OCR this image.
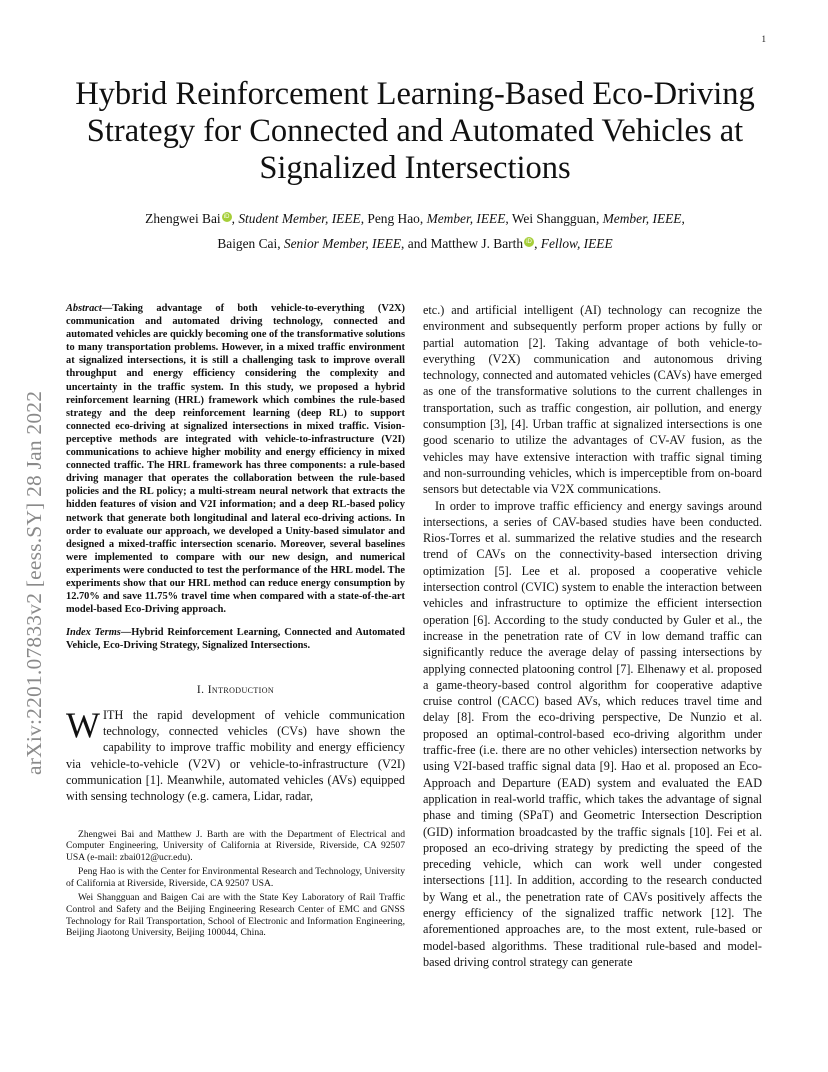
1
arXiv:2201.07833v2 [eess.SY] 28 Jan 2022
Hybrid Reinforcement Learning-Based Eco-Driving
Strategy for Connected and Automated Vehicles at
Signalized Intersections
Zhengwei Bai iD , Student Member, IEEE, Peng Hao, Member, IEEE, Wei Shangguan, Member, IEEE,
Baigen Cai, Senior Member, IEEE, and Matthew J. Barth iD , Fellow, IEEE

Abstract—Taking advantage of both vehicle-to-everything (V2X) communication and automated driving technology, connected and automated vehicles are quickly becoming one of the transformative solutions to many transportation problems. However, in a mixed traffic environment at signalized intersections, it is still a challenging task to improve overall throughput and energy efficiency considering the complexity and uncertainty in the traffic system. In this study, we proposed a hybrid reinforcement learning (HRL) framework which combines the rule-based strategy and the deep reinforcement learning (deep RL) to support connected eco-driving at signalized intersections in mixed traffic. Vision-perceptive methods are integrated with vehicle-to-infrastructure (V2I) communications to achieve higher mobility and energy efficiency in mixed connected traffic. The HRL framework has three components: a rule-based driving manager that operates the collaboration between the rule-based policies and the RL policy; a multi-stream neural network that extracts the hidden features of vision and V2I information; and a deep RL-based policy network that generate both longitudinal and lateral eco-driving actions. In order to evaluate our approach, we developed a Unity-based simulator and designed a mixed-traffic intersection scenario. Moreover, several baselines were implemented to compare with our new design, and numerical experiments were conducted to test the performance of the HRL model. The experiments show that our HRL method can reduce energy consumption by 12.70% and save 11.75% travel time when compared with a state-of-the-art model-based Eco-Driving approach.

Index Terms—Hybrid Reinforcement Learning, Connected and Automated Vehicle, Eco-Driving Strategy, Signalized Intersections.

I. Introduction

WITH the rapid development of vehicle communication technology, connected vehicles (CVs) have shown the capability to improve traffic mobility and energy efficiency via vehicle-to-vehicle (V2V) or vehicle-to-infrastructure (V2I) communication [1]. Meanwhile, automated vehicles (AVs) equipped with sensing technology (e.g. camera, Lidar, radar,

Zhengwei Bai and Matthew J. Barth are with the Department of Electrical and Computer Engineering, University of California at Riverside, Riverside, CA 92507 USA (e-mail: zbai012@ucr.edu).

Peng Hao is with the Center for Environmental Research and Technology, University of California at Riverside, Riverside, CA 92507 USA.

Wei Shangguan and Baigen Cai are with the State Key Laboratory of Rail Traffic Control and Safety and the Beijing Engineering Research Center of EMC and GNSS Technology for Rail Transportation, School of Electronic and Information Engineering, Beijing Jiaotong University, Beijing 100044, China.

etc.) and artificial intelligent (AI) technology can recognize the environment and subsequently perform proper actions by fully or partial automation [2]. Taking advantage of both vehicle-to-everything (V2X) communication and autonomous driving technology, connected and automated vehicles (CAVs) have emerged as one of the transformative solutions to the current challenges in transportation, such as traffic congestion, air pollution, and energy consumption [3], [4]. Urban traffic at signalized intersections is one good scenario to utilize the advantages of CV-AV fusion, as the vehicles may have extensive interaction with traffic signal timing and non-surrounding vehicles, which is imperceptible from on-board sensors but detectable via V2X communications.

In order to improve traffic efficiency and energy savings around intersections, a series of CAV-based studies have been conducted. Rios-Torres et al. summarized the relative studies and the research trend of CAVs on the connectivity-based intersection driving optimization [5]. Lee et al. proposed a cooperative vehicle intersection control (CVIC) system to enable the interaction between vehicles and infrastructure to optimize the efficient intersection operation [6]. According to the study conducted by Guler et al., the increase in the penetration rate of CV in low demand traffic can significantly reduce the average delay of passing intersections by applying connected platooning control [7]. Elhenawy et al. proposed a game-theory-based control algorithm for cooperative adaptive cruise control (CACC) based AVs, which reduces travel time and delay [8]. From the eco-driving perspective, De Nunzio et al. proposed an optimal-control-based eco-driving algorithm under traffic-free (i.e. there are no other vehicles) intersection networks by using V2I-based traffic signal data [9]. Hao et al. proposed an Eco-Approach and Departure (EAD) system and evaluated the EAD application in real-world traffic, which takes the advantage of signal phase and timing (SPaT) and Geometric Intersection Description (GID) information broadcasted by the traffic signals [10]. Fei et al. proposed an eco-driving strategy by predicting the speed of the preceding vehicle, which can work well under congested intersections [11]. In addition, according to the research conducted by Wang et al., the penetration rate of CAVs positively affects the energy efficiency of the signalized traffic network [12]. The aforementioned approaches are, to the most extent, rule-based or model-based algorithms. These traditional rule-based and model-based driving control strategy can generate
